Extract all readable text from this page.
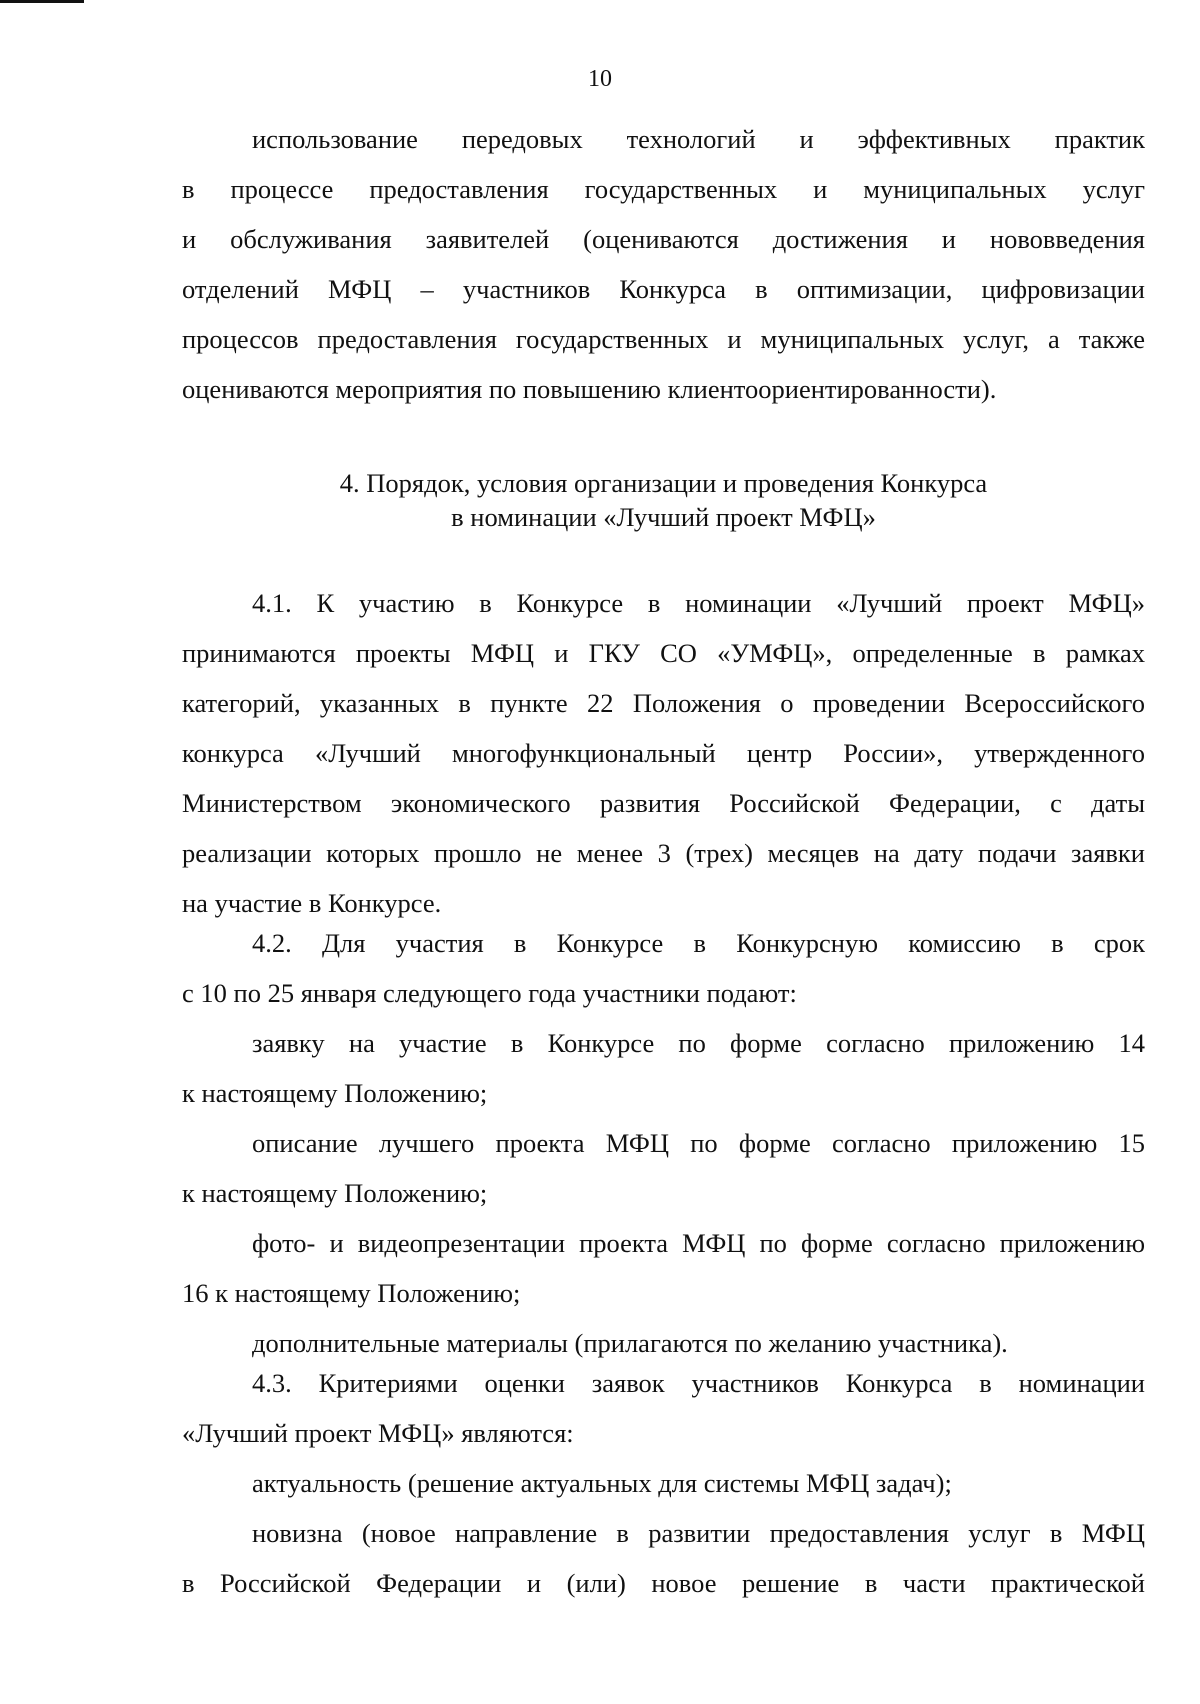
10
использование передовых технологий и эффективных практик
в процессе предоставления государственных и муниципальных услуг
и обслуживания заявителей (оцениваются достижения и нововведения
отделений МФЦ – участников Конкурса в оптимизации, цифровизации
процессов предоставления государственных и муниципальных услуг, а также
оцениваются мероприятия по повышению клиентоориентированности).
4. Порядок, условия организации и проведения Конкурса
в номинации «Лучший проект МФЦ»
4.1. К участию в Конкурсе в номинации «Лучший проект МФЦ»
принимаются проекты МФЦ и ГКУ СО «УМФЦ», определенные в рамках
категорий, указанных в пункте 22 Положения о проведении Всероссийского
конкурса «Лучший многофункциональный центр России», утвержденного
Министерством экономического развития Российской Федерации, с даты
реализации которых прошло не менее 3 (трех) месяцев на дату подачи заявки
на участие в Конкурсе.
4.2. Для участия в Конкурсе в Конкурсную комиссию в срок
с 10 по 25 января следующего года участники подают:
заявку на участие в Конкурсе по форме согласно приложению 14
к настоящему Положению;
описание лучшего проекта МФЦ по форме согласно приложению 15
к настоящему Положению;
фото- и видеопрезентации проекта МФЦ по форме согласно приложению
16 к настоящему Положению;
дополнительные материалы (прилагаются по желанию участника).
4.3. Критериями оценки заявок участников Конкурса в номинации
«Лучший проект МФЦ» являются:
актуальность (решение актуальных для системы МФЦ задач);
новизна (новое направление в развитии предоставления услуг в МФЦ
в Российской Федерации и (или) новое решение в части практической
